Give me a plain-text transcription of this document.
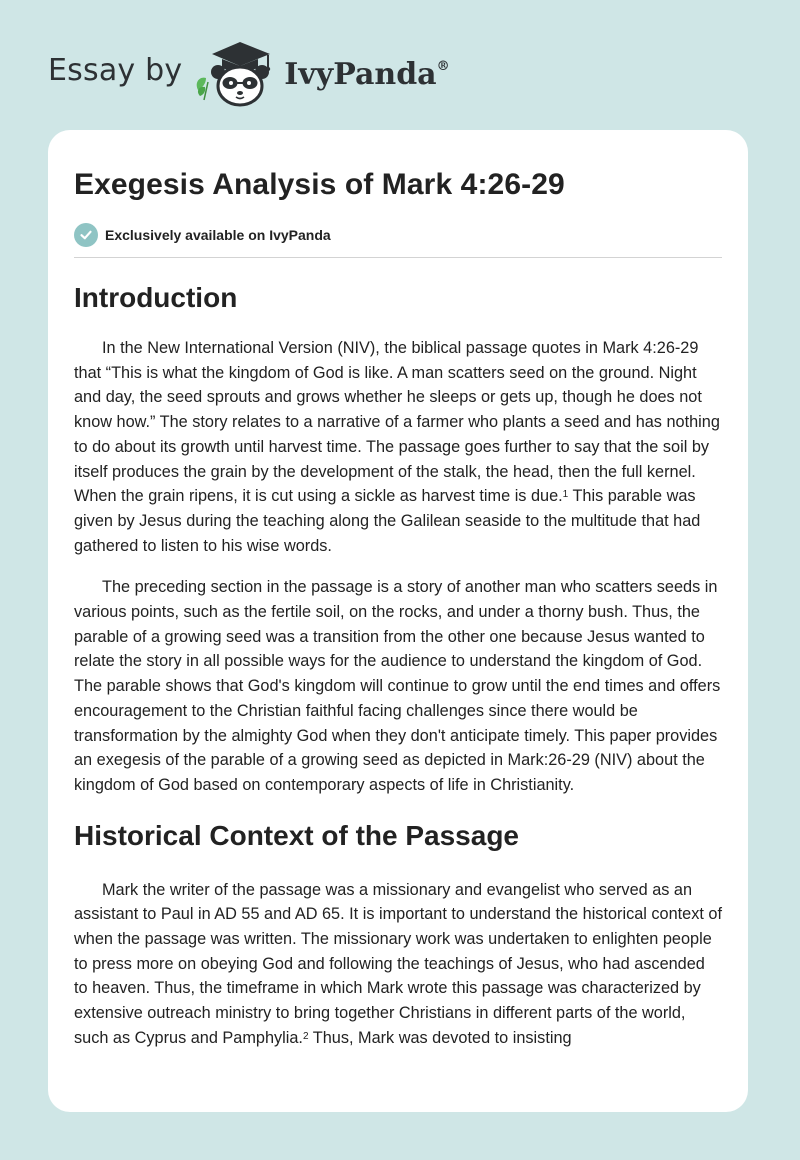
Essay by	IvyPanda®
Exegesis Analysis of Mark 4:26-29
Exclusively available on IvyPanda
Introduction

In the New International Version (NIV), the biblical passage quotes in Mark 4:26-29 that “This is what the kingdom of God is like. A man scatters seed on the ground. Night and day, the seed sprouts and grows whether he sleeps or gets up, though he does not know how.” The story relates to a narrative of a farmer who plants a seed and has nothing to do about its growth until harvest time. The passage goes further to say that the soil by itself produces the grain by the development of the stalk, the head, then the full kernel. When the grain ripens, it is cut using a sickle as harvest time is due.$^1$ This parable was given by Jesus during the teaching along the Galilean seaside to the multitude that had gathered to listen to his wise words.

The preceding section in the passage is a story of another man who scatters seeds in various points, such as the fertile soil, on the rocks, and under a thorny bush. Thus, the parable of a growing seed was a transition from the other one because Jesus wanted to relate the story in all possible ways for the audience to understand the kingdom of God. The parable shows that God's kingdom will continue to grow until the end times and offers encouragement to the Christian faithful facing challenges since there would be transformation by the almighty God when they don't anticipate timely. This paper provides an exegesis of the parable of a growing seed as depicted in Mark:26-29 (NIV) about the kingdom of God based on contemporary aspects of life in Christianity.

Historical Context of the Passage

Mark the writer of the passage was a missionary and evangelist who served as an assistant to Paul in AD 55 and AD 65. It is important to understand the historical context of when the passage was written. The missionary work was undertaken to enlighten people to press more on obeying God and following the teachings of Jesus, who had ascended to heaven. Thus, the timeframe in which Mark wrote this passage was characterized by extensive outreach ministry to bring together Christians in different parts of the world, such as Cyprus and Pamphylia.$^2$ Thus, Mark was devoted to insisting
